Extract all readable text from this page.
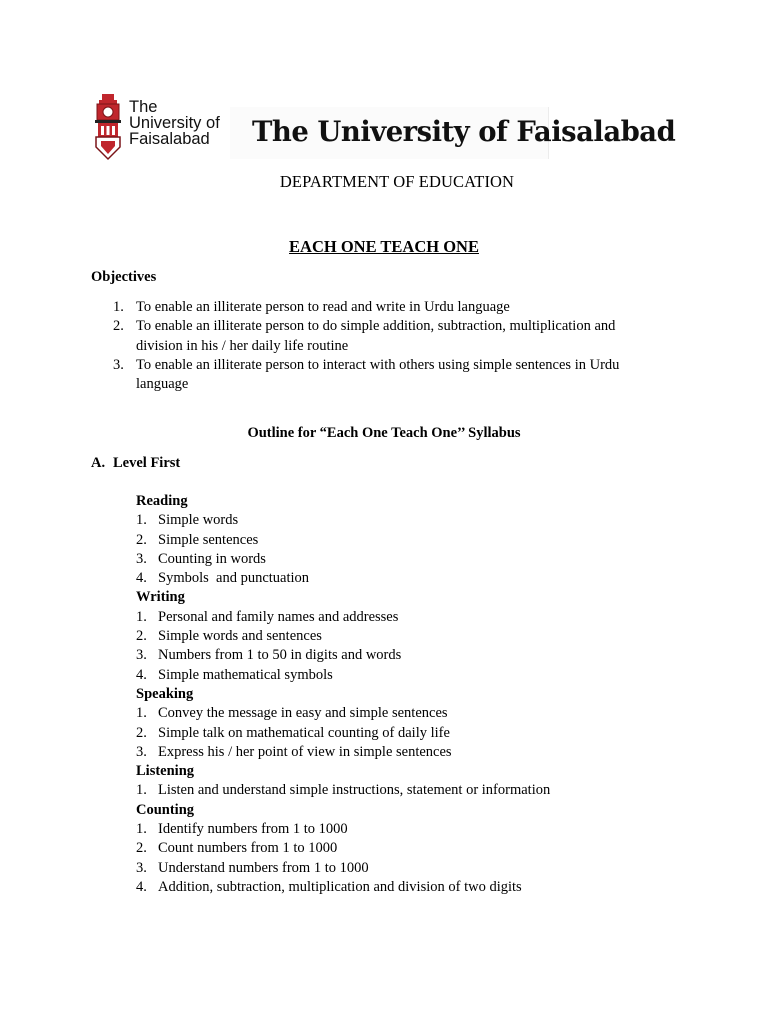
The
University of
Faisalabad	The University of Faisalabad
DEPARTMENT OF EDUCATION
EACH ONE TEACH ONE
Objectives
1. To enable an illiterate person to read and write in Urdu language
2. To enable an illiterate person to do simple addition, subtraction, multiplication and division in his / her daily life routine
3. To enable an illiterate person to interact with others using simple sentences in Urdu language
Outline for “Each One Teach One’’ Syllabus
A. Level First
Reading
1. Simple words
2. Simple sentences
3. Counting in words
4. Symbols  and punctuation
Writing
1. Personal and family names and addresses
2. Simple words and sentences
3. Numbers from 1 to 50 in digits and words
4. Simple mathematical symbols
Speaking
1. Convey the message in easy and simple sentences
2. Simple talk on mathematical counting of daily life
3. Express his / her point of view in simple sentences
Listening
1. Listen and understand simple instructions, statement or information
Counting
1. Identify numbers from 1 to 1000
2. Count numbers from 1 to 1000
3. Understand numbers from 1 to 1000
4. Addition, subtraction, multiplication and division of two digits
